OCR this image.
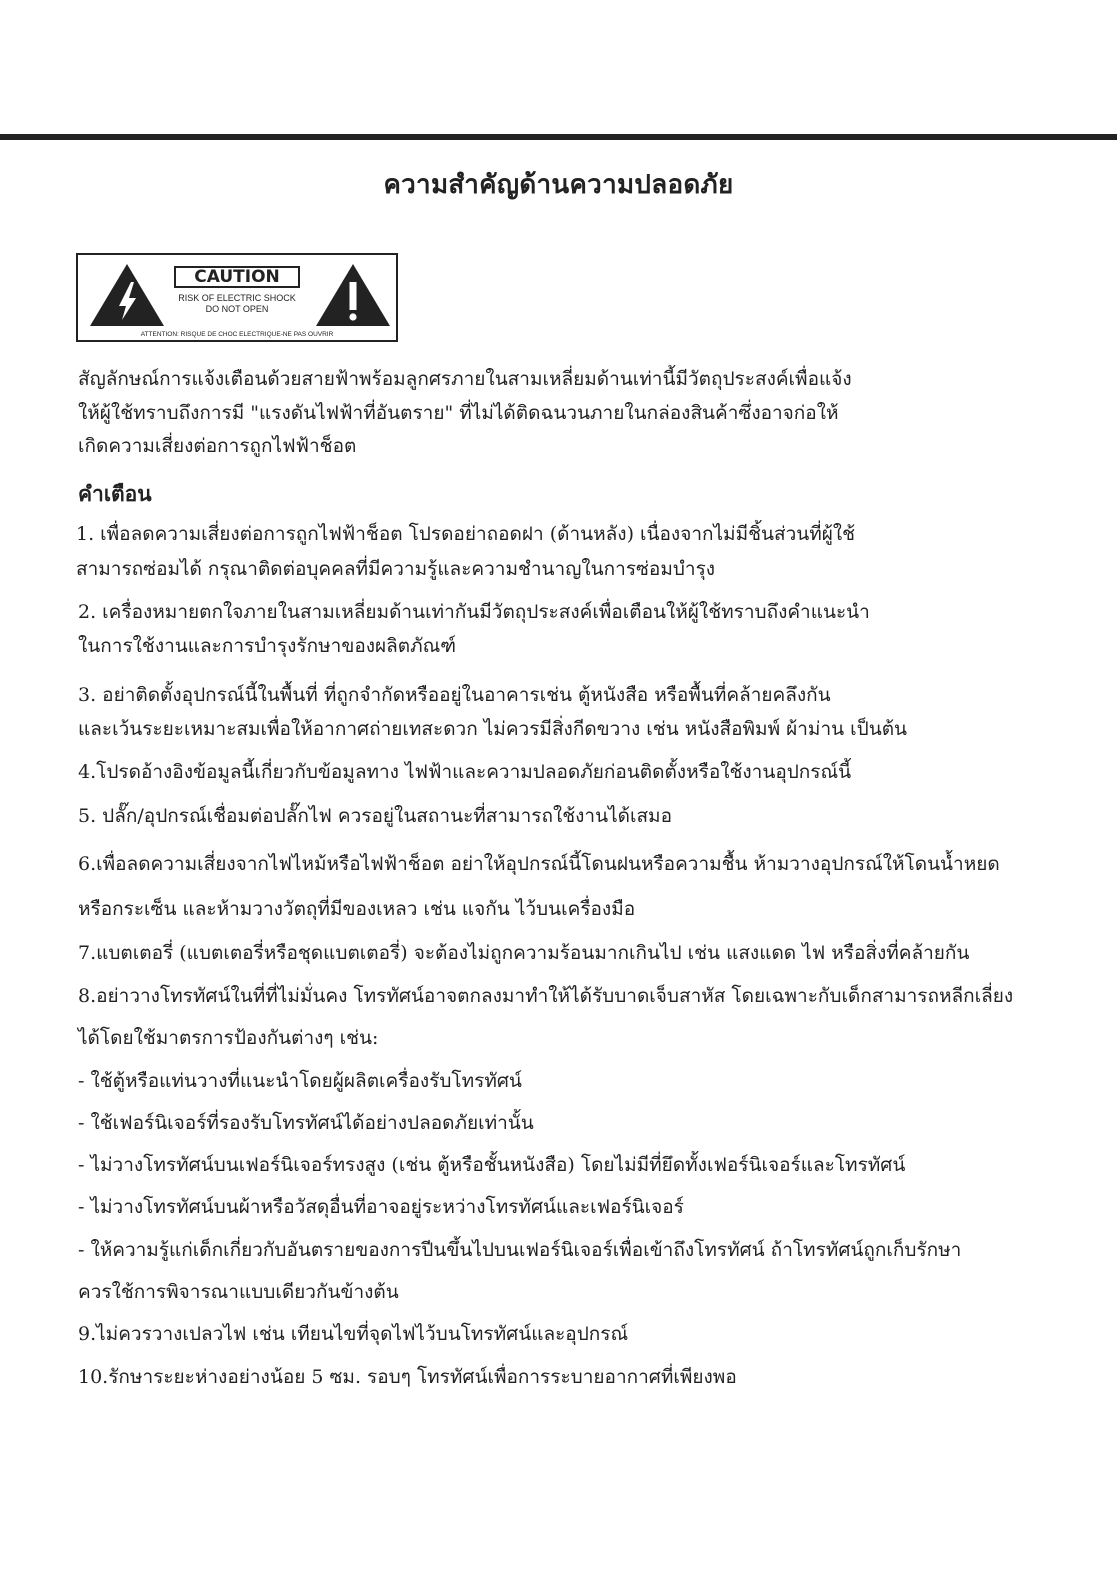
ความสำคัญด้านความปลอดภัย
CAUTION
RISK OF ELECTRIC SHOCK
DO NOT OPEN
ATTENTION: RISQUE DE CHOC ELECTRIQUE-NE PAS OUVRIR
สัญลักษณ์การแจ้งเตือนด้วยสายฟ้าพร้อมลูกศรภายในสามเหลี่ยมด้านเท่านี้มีวัตถุประสงค์เพื่อแจ้ง
ให้ผู้ใช้ทราบถึงการมี "แรงดันไฟฟ้าที่อันตราย" ที่ไม่ได้ติดฉนวนภายในกล่องสินค้าซึ่งอาจก่อให้
เกิดความเสี่ยงต่อการถูกไฟฟ้าช็อต
คำเตือน
1. เพื่อลดความเสี่ยงต่อการถูกไฟฟ้าช็อต โปรดอย่าถอดฝา (ด้านหลัง) เนื่องจากไม่มีชิ้นส่วนที่ผู้ใช้
สามารถซ่อมได้ กรุณาติดต่อบุคคลที่มีความรู้และความชำนาญในการซ่อมบำรุง
2. เครื่องหมายตกใจภายในสามเหลี่ยมด้านเท่ากันมีวัตถุประสงค์เพื่อเตือนให้ผู้ใช้ทราบถึงคำแนะนำ
ในการใช้งานและการบำรุงรักษาของผลิตภัณฑ์
3. อย่าติดตั้งอุปกรณ์นี้ในพื้นที่ ที่ถูกจำกัดหรืออยู่ในอาคารเช่น ตู้หนังสือ หรือพื้นที่คล้ายคลึงกัน
และเว้นระยะเหมาะสมเพื่อให้อากาศถ่ายเทสะดวก ไม่ควรมีสิ่งกีดขวาง เช่น หนังสือพิมพ์ ผ้าม่าน เป็นต้น
4.โปรดอ้างอิงข้อมูลนี้เกี่ยวกับข้อมูลทาง ไฟฟ้าและความปลอดภัยก่อนติดตั้งหรือใช้งานอุปกรณ์นี้
5. ปลั๊ก/อุปกรณ์เชื่อมต่อปลั๊กไฟ ควรอยู่ในสถานะที่สามารถใช้งานได้เสมอ
6.เพื่อลดความเสี่ยงจากไฟไหม้หรือไฟฟ้าช็อต อย่าให้อุปกรณ์นี้โดนฝนหรือความชื้น ห้ามวางอุปกรณ์ให้โดนน้ำหยด
หรือกระเซ็น และห้ามวางวัตถุที่มีของเหลว เช่น แจกัน ไว้บนเครื่องมือ
7.แบตเตอรี่ (แบตเตอรี่หรือชุดแบตเตอรี่) จะต้องไม่ถูกความร้อนมากเกินไป เช่น แสงแดด ไฟ หรือสิ่งที่คล้ายกัน
8.อย่าวางโทรทัศน์ในที่ที่ไม่มั่นคง โทรทัศน์อาจตกลงมาทำให้ได้รับบาดเจ็บสาหัส โดยเฉพาะกับเด็กสามารถหลีกเลี่ยง
ได้โดยใช้มาตรการป้องกันต่างๆ เช่น:
- ใช้ตู้หรือแท่นวางที่แนะนำโดยผู้ผลิตเครื่องรับโทรทัศน์
- ใช้เฟอร์นิเจอร์ที่รองรับโทรทัศน์ได้อย่างปลอดภัยเท่านั้น
- ไม่วางโทรทัศน์บนเฟอร์นิเจอร์ทรงสูง (เช่น ตู้หรือชั้นหนังสือ) โดยไม่มีที่ยึดทั้งเฟอร์นิเจอร์และโทรทัศน์
- ไม่วางโทรทัศน์บนผ้าหรือวัสดุอื่นที่อาจอยู่ระหว่างโทรทัศน์และเฟอร์นิเจอร์
- ให้ความรู้แก่เด็กเกี่ยวกับอันตรายของการปีนขึ้นไปบนเฟอร์นิเจอร์เพื่อเข้าถึงโทรทัศน์ ถ้าโทรทัศน์ถูกเก็บรักษา
ควรใช้การพิจารณาแบบเดียวกันข้างต้น
9.ไม่ควรวางเปลวไฟ เช่น เทียนไขที่จุดไฟไว้บนโทรทัศน์และอุปกรณ์
10.รักษาระยะห่างอย่างน้อย 5 ซม. รอบๆ โทรทัศน์เพื่อการระบายอากาศที่เพียงพอ
